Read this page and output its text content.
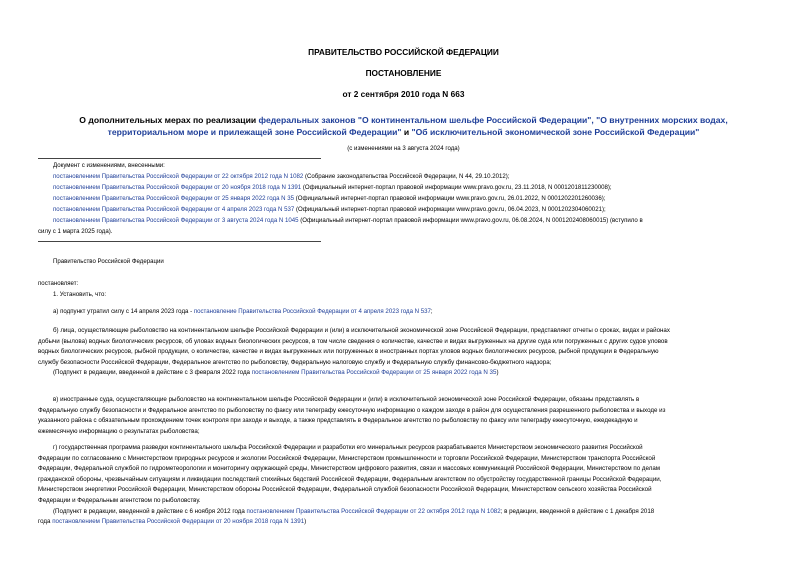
ПРАВИТЕЛЬСТВО РОССИЙСКОЙ ФЕДЕРАЦИИ
ПОСТАНОВЛЕНИЕ
от 2 сентября 2010 года N 663
О дополнительных мерах по реализации федеральных законов "О континентальном шельфе Российской Федерации", "О внутренних морских водах,
территориальном море и прилежащей зоне Российской Федерации" и "Об исключительной экономической зоне Российской Федерации"
(с изменениями на 3 августа 2024 года)
Документ с изменениями, внесенными:
постановлением Правительства Российской Федерации от 22 октября 2012 года N 1082 (Собрание законодательства Российской Федерации, N 44, 29.10.2012);
постановлением Правительства Российской Федерации от 20 ноября 2018 года N 1391 (Официальный интернет-портал правовой информации www.pravo.gov.ru, 23.11.2018, N 0001201811230008);
постановлением Правительства Российской Федерации от 25 января 2022 года N 35 (Официальный интернет-портал правовой информации www.pravo.gov.ru, 26.01.2022, N 0001202201260036);
постановлением Правительства Российской Федерации от 4 апреля 2023 года N 537 (Официальный интернет-портал правовой информации www.pravo.gov.ru, 06.04.2023, N 0001202304060021);
постановлением Правительства Российской Федерации от 3 августа 2024 года N 1045 (Официальный интернет-портал правовой информации www.pravo.gov.ru, 06.08.2024, N 0001202408060015) (вступило в
силу с 1 марта 2025 года).
Правительство Российской Федерации
постановляет:
1. Установить, что:
а) подпункт утратил силу с 14 апреля 2023 года - постановление Правительства Российской Федерации от 4 апреля 2023 года N 537;
б) лица, осуществляющие рыболовство на континентальном шельфе Российской Федерации и (или) в исключительной экономической зоне Российской Федерации, представляют отчеты о сроках, видах и районах
добычи (вылова) водных биологических ресурсов, об уловах водных биологических ресурсов, в том числе сведения о количестве, качестве и видах выгруженных на другие суда или погруженных с других судов уловов
водных биологических ресурсов, рыбной продукции, о количестве, качестве и видах выгруженных или погруженных в иностранных портах уловов водных биологических ресурсов, рыбной продукции в Федеральную
службу безопасности Российской Федерации, Федеральное агентство по рыболовству, Федеральную налоговую службу и Федеральную службу финансово-бюджетного надзора;
(Подпункт в редакции, введенной в действие с 3 февраля 2022 года постановлением Правительства Российской Федерации от 25 января 2022 года N 35)
в) иностранные суда, осуществляющие рыболовство на континентальном шельфе Российской Федерации и (или) в исключительной экономической зоне Российской Федерации, обязаны представлять в
Федеральную службу безопасности и Федеральное агентство по рыболовству по факсу или телеграфу ежесуточную информацию о каждом заходе в район для осуществления разрешенного рыболовства и выходе из
указанного района с обязательным прохождением точек контроля при заходе и выходе, а также представлять в Федеральное агентство по рыболовству по факсу или телеграфу ежесуточную, ежедекадную и
ежемесячную информацию о результатах рыболовства;
г) государственная программа разведки континентального шельфа Российской Федерации и разработки его минеральных ресурсов разрабатывается Министерством экономического развития Российской
Федерации по согласованию с Министерством природных ресурсов и экологии Российской Федерации, Министерством промышленности и торговли Российской Федерации, Министерством транспорта Российской
Федерации, Федеральной службой по гидрометеорологии и мониторингу окружающей среды, Министерством цифрового развития, связи и массовых коммуникаций Российской Федерации, Министерством по делам
гражданской обороны, чрезвычайным ситуациям и ликвидации последствий стихийных бедствий Российской Федерации, Федеральным агентством по обустройству государственной границы Российской Федерации,
Министерством энергетики Российской Федерации, Министерством обороны Российской Федерации, Федеральной службой безопасности Российской Федерации, Министерством сельского хозяйства Российской
Федерации и Федеральным агентством по рыболовству.
(Подпункт в редакции, введенной в действие с 6 ноября 2012 года постановлением Правительства Российской Федерации от 22 октября 2012 года N 1082; в редакции, введенной в действие с 1 декабря 2018
года постановлением Правительства Российской Федерации от 20 ноября 2018 года N 1391)
